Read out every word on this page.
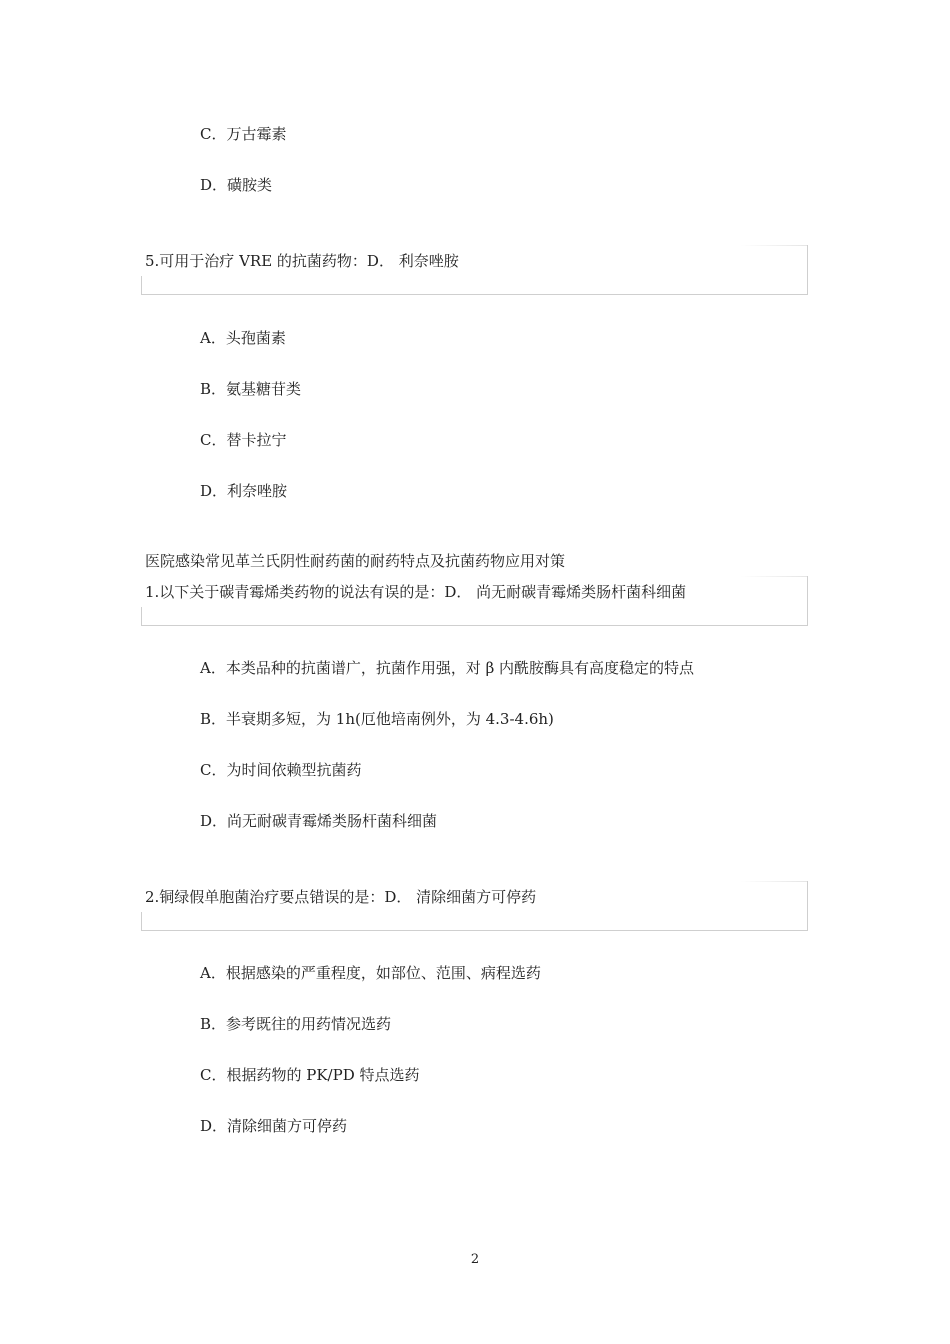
C．万古霉素
D．磺胺类
5.可用于治疗 VRE 的抗菌药物：D． 利奈唑胺
A．头孢菌素
B．氨基糖苷类
C．替卡拉宁
D．利奈唑胺
医院感染常见革兰氏阴性耐药菌的耐药特点及抗菌药物应用对策
1.以下关于碳青霉烯类药物的说法有误的是：D． 尚无耐碳青霉烯类肠杆菌科细菌
A．本类品种的抗菌谱广，抗菌作用强，对 β 内酰胺酶具有高度稳定的特点
B．半衰期多短，为 1h(厄他培南例外，为 4.3-4.6h)
C．为时间依赖型抗菌药
D．尚无耐碳青霉烯类肠杆菌科细菌
2.铜绿假单胞菌治疗要点错误的是：D． 清除细菌方可停药
A．根据感染的严重程度，如部位、范围、病程选药
B．参考既往的用药情况选药
C．根据药物的 PK/PD 特点选药
D．清除细菌方可停药
2
